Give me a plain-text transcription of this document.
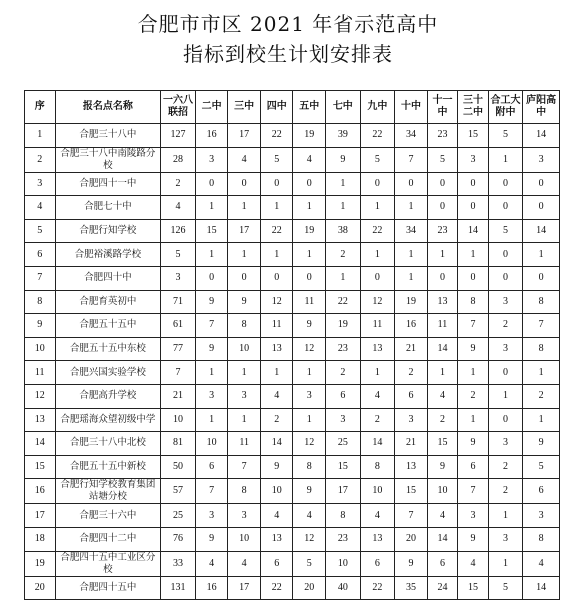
合肥市市区 2021 年省示范高中
指标到校生计划安排表
序	报名点名称	一六八联招	二中	三中	四中	五中	七中	九中	十中	十一中	三十二中	合工大附中	庐阳高中
1	合肥三十八中	127	16	17	22	19	39	22	34	23	15	5	14
2	合肥三十八中南陵路分校	28	3	4	5	4	9	5	7	5	3	1	3
3	合肥四十一中	2	0	0	0	0	1	0	0	0	0	0	0
4	合肥七十中	4	1	1	1	1	1	1	1	0	0	0	0
5	合肥行知学校	126	15	17	22	19	38	22	34	23	14	5	14
6	合肥裕溪路学校	5	1	1	1	1	2	1	1	1	1	0	1
7	合肥四十中	3	0	0	0	0	1	0	1	0	0	0	0
8	合肥育英初中	71	9	9	12	11	22	12	19	13	8	3	8
9	合肥五十五中	61	7	8	11	9	19	11	16	11	7	2	7
10	合肥五十五中东校	77	9	10	13	12	23	13	21	14	9	3	8
11	合肥兴国实验学校	7	1	1	1	1	2	1	2	1	1	0	1
12	合肥高升学校	21	3	3	4	3	6	4	6	4	2	1	2
13	合肥瑶海众望初级中学	10	1	1	2	1	3	2	3	2	1	0	1
14	合肥三十八中北校	81	10	11	14	12	25	14	21	15	9	3	9
15	合肥五十五中新校	50	6	7	9	8	15	8	13	9	6	2	5
16	合肥行知学校教育集团站塘分校	57	7	8	10	9	17	10	15	10	7	2	6
17	合肥三十六中	25	3	3	4	4	8	4	7	4	3	1	3
18	合肥四十二中	76	9	10	13	12	23	13	20	14	9	3	8
19	合肥四十五中工业区分校	33	4	4	6	5	10	6	9	6	4	1	4
20	合肥四十五中	131	16	17	22	20	40	22	35	24	15	5	14
